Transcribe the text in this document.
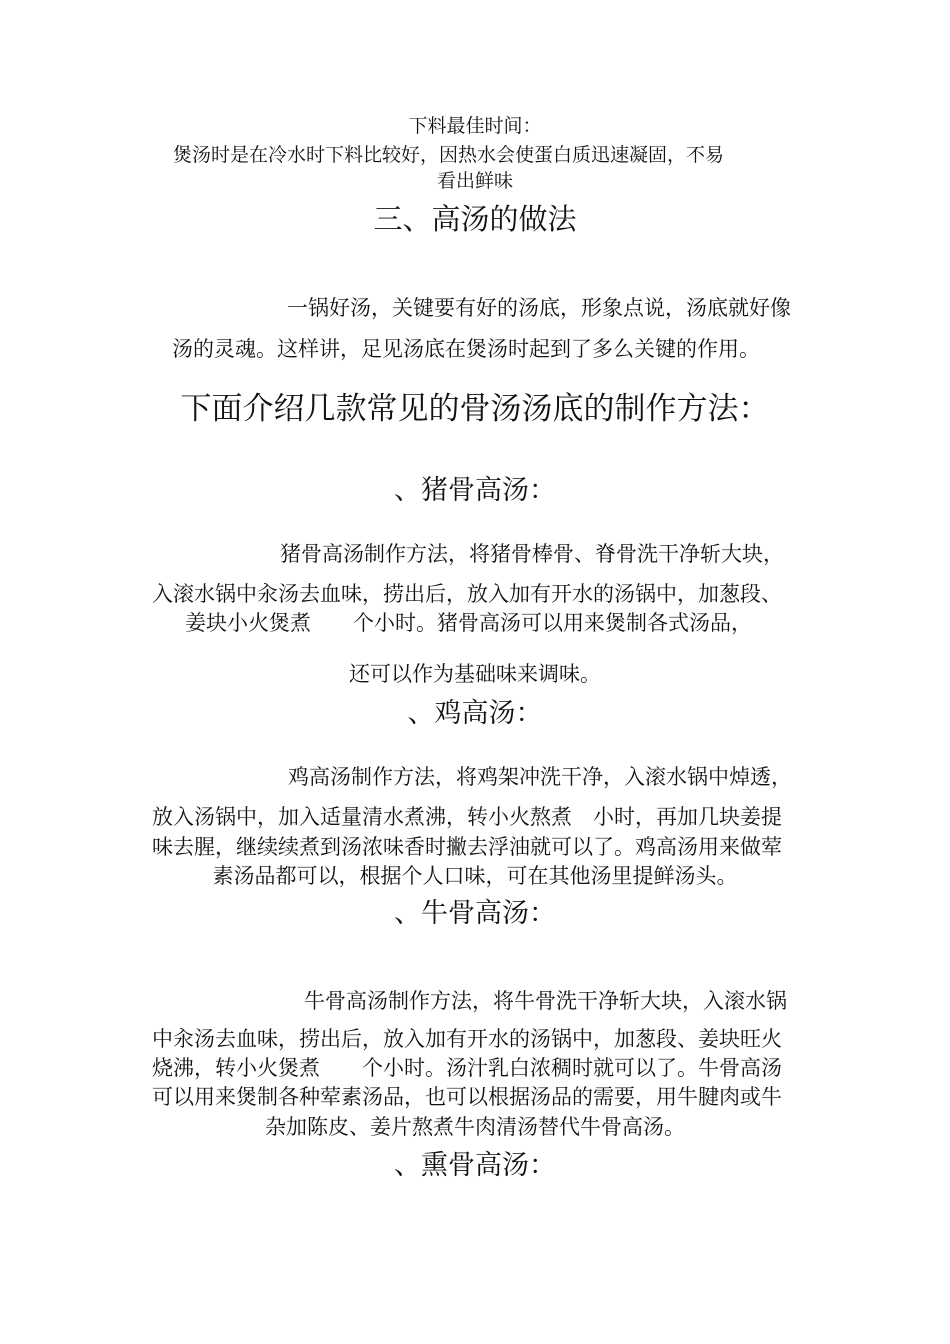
下料最佳时间：
煲汤时是在冷水时下料比较好，因热水会使蛋白质迅速凝固，不易
看出鲜味
三、高汤的做法
一锅好汤，关键要有好的汤底，形象点说，汤底就好像
汤的灵魂。这样讲，足见汤底在煲汤时起到了多么关键的作用。
下面介绍几款常见的骨汤汤底的制作方法：
、猪骨高汤：
猪骨高汤制作方法，将猪骨棒骨、脊骨洗干净斩大块，
入滚水锅中汆汤去血味，捞出后，放入加有开水的汤锅中，加葱段、
姜块小火煲煮　　个小时。猪骨高汤可以用来煲制各式汤品，
还可以作为基础味来调味。
、鸡高汤：
鸡高汤制作方法，将鸡架冲洗干净，入滚水锅中焯透，
放入汤锅中，加入适量清水煮沸，转小火熬煮　小时，再加几块姜提
味去腥，继续续煮到汤浓味香时撇去浮油就可以了。鸡高汤用来做荤
素汤品都可以，根据个人口味，可在其他汤里提鲜汤头。
、牛骨高汤：
牛骨高汤制作方法，将牛骨洗干净斩大块，入滚水锅
中汆汤去血味，捞出后，放入加有开水的汤锅中，加葱段、姜块旺火
烧沸，转小火煲煮　　个小时。汤汁乳白浓稠时就可以了。牛骨高汤
可以用来煲制各种荤素汤品，也可以根据汤品的需要，用牛腱肉或牛
杂加陈皮、姜片熬煮牛肉清汤替代牛骨高汤。
、熏骨高汤：
